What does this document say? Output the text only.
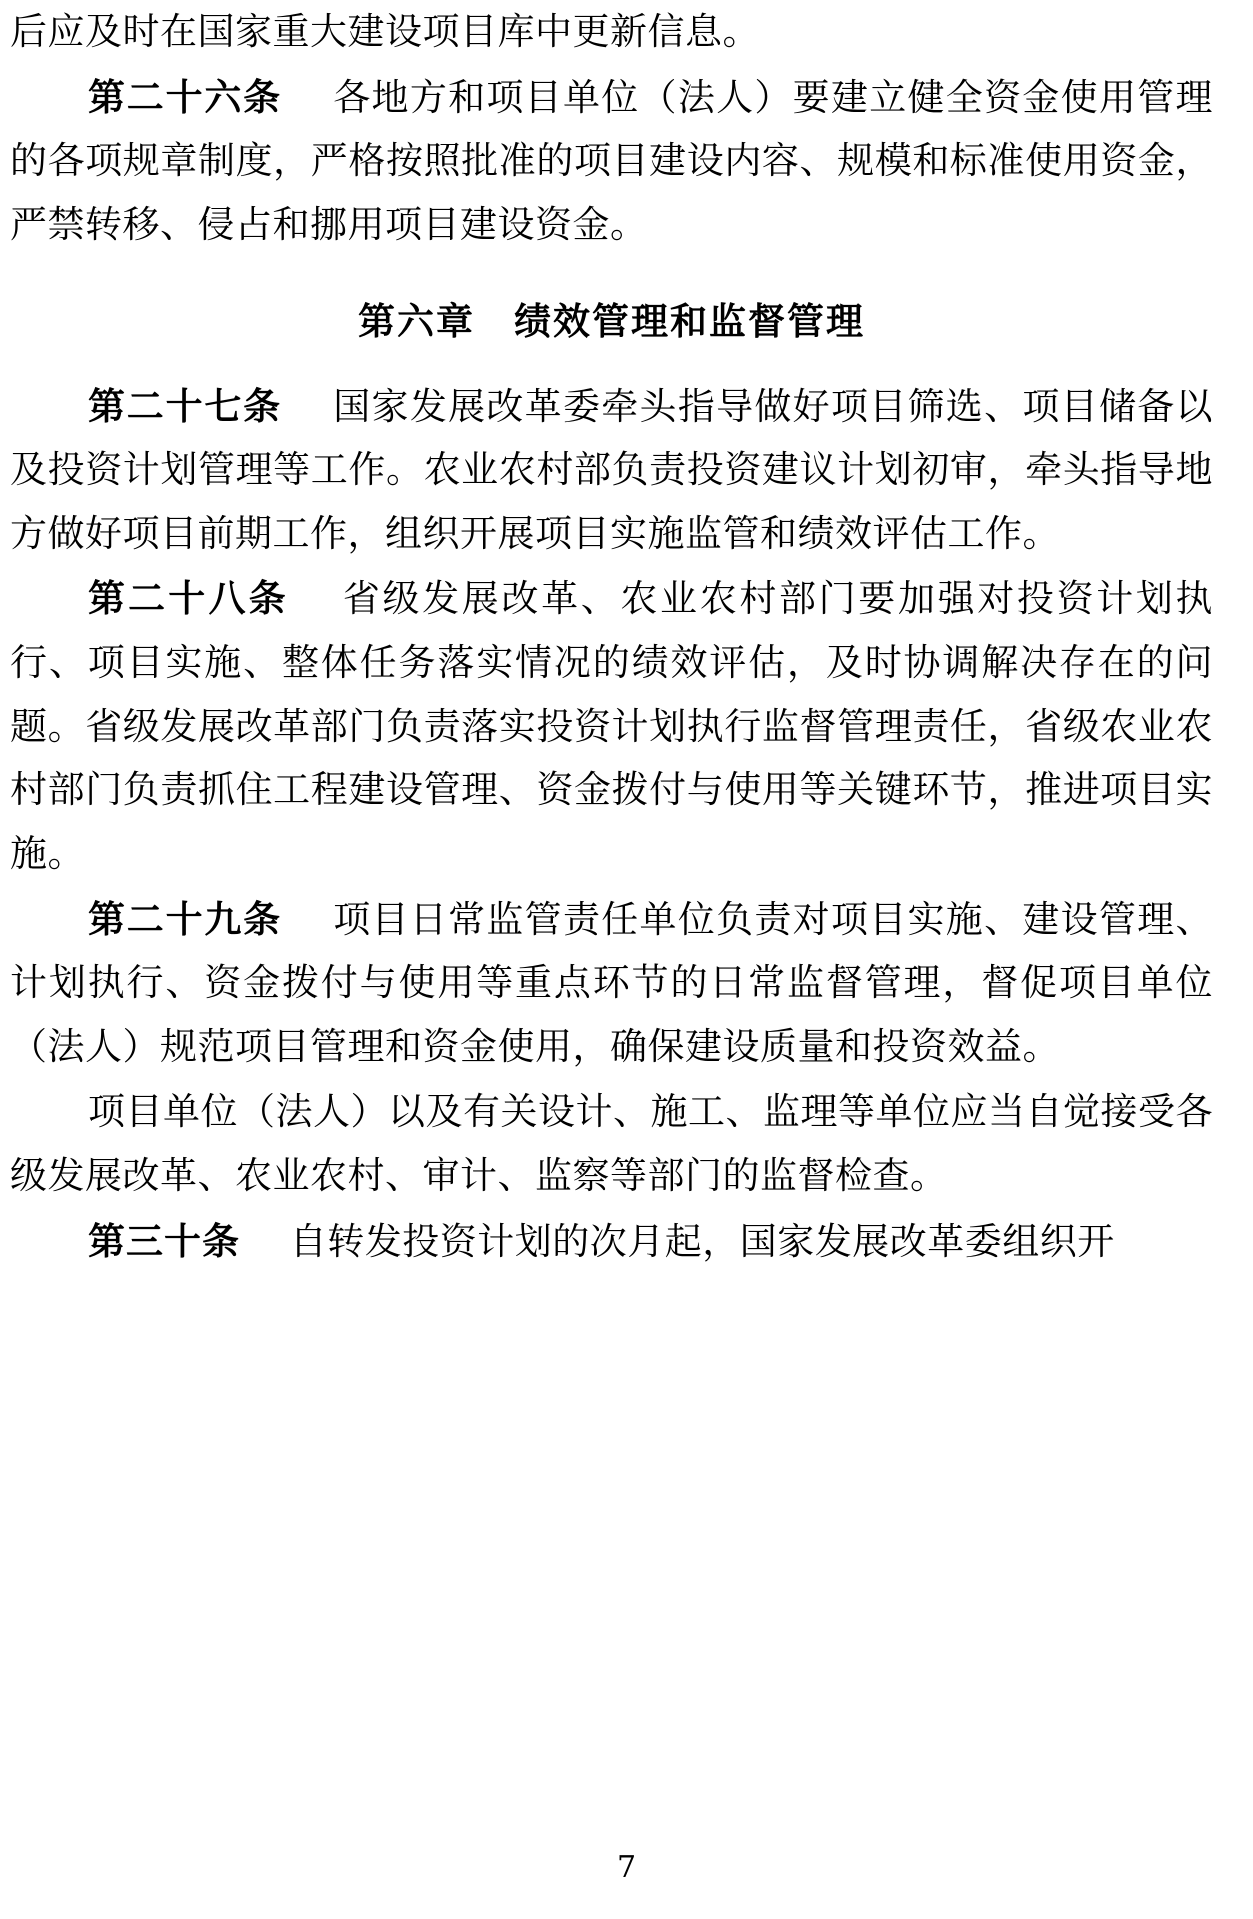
后应及时在国家重大建设项目库中更新信息。

第二十六条 　 各地方和项目单位（法人）要建立健全资金使用管理的各项规章制度，严格按照批准的项目建设内容、规模和标准使用资金，严禁转移、侵占和挪用项目建设资金。

第六章　绩效管理和监督管理

第二十七条 　 国家发展改革委牵头指导做好项目筛选、项目储备以及投资计划管理等工作。农业农村部负责投资建议计划初审，牵头指导地方做好项目前期工作，组织开展项目实施监管和绩效评估工作。

第二十八条 　 省级发展改革、农业农村部门要加强对投资计划执行、项目实施、整体任务落实情况的绩效评估，及时协调解决存在的问题。省级发展改革部门负责落实投资计划执行监督管理责任，省级农业农村部门负责抓住工程建设管理、资金拨付与使用等关键环节，推进项目实施。

第二十九条 　 项目日常监管责任单位负责对项目实施、建设管理、计划执行、资金拨付与使用等重点环节的日常监督管理，督促项目单位（法人）规范项目管理和资金使用，确保建设质量和投资效益。

项目单位（法人）以及有关设计、施工、监理等单位应当自觉接受各级发展改革、农业农村、审计、监察等部门的监督检查。

第三十条 　 自转发投资计划的次月起，国家发展改革委组织开

7
